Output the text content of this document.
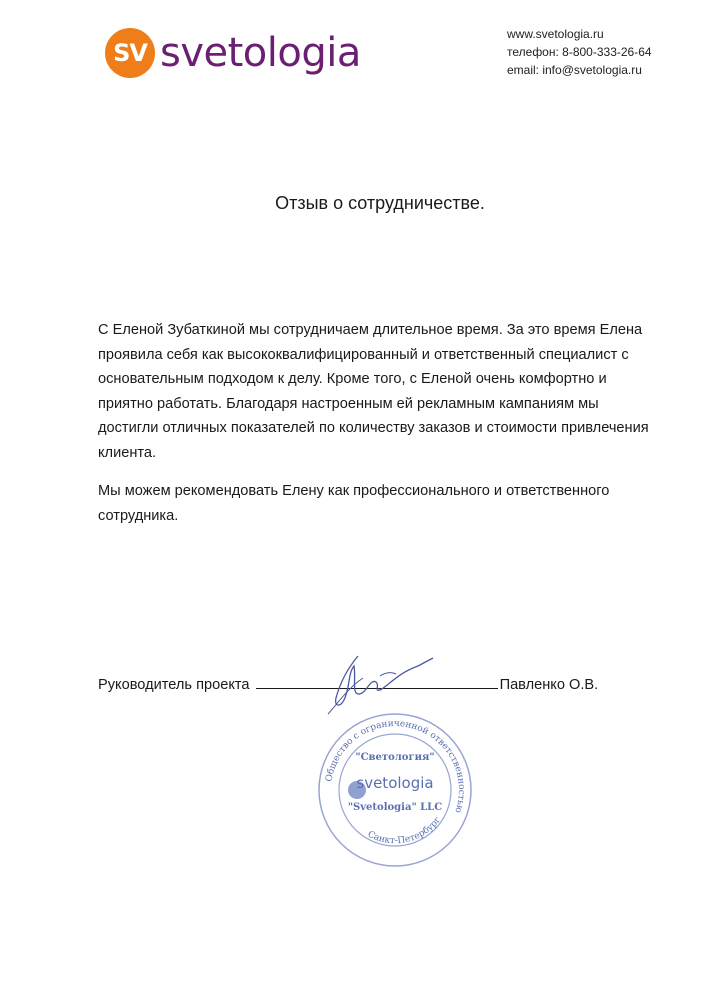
SV svetologia	www.svetologia.ru
телефон: 8-800-333-26-64
email: info@svetologia.ru
Отзыв о сотрудничестве.

С Еленой Зубаткиной мы сотрудничаем длительное время. За это время Елена проявила себя как высококвалифицированный и ответственный специалист с основательным подходом к делу. Кроме того, с Еленой очень комфортно и приятно работать. Благодаря настроенным ей рекламным кампаниям мы достигли отличных показателей по количеству заказов и стоимости привлечения клиента.

Мы можем рекомендовать Елену как профессионального и ответственного сотрудника.

Руководитель проекта	Павленко О.В.
Общество с ограниченной ответственностью
Санкт-Петербург
"Светология"
svetologia
"Svetologia" LLC
